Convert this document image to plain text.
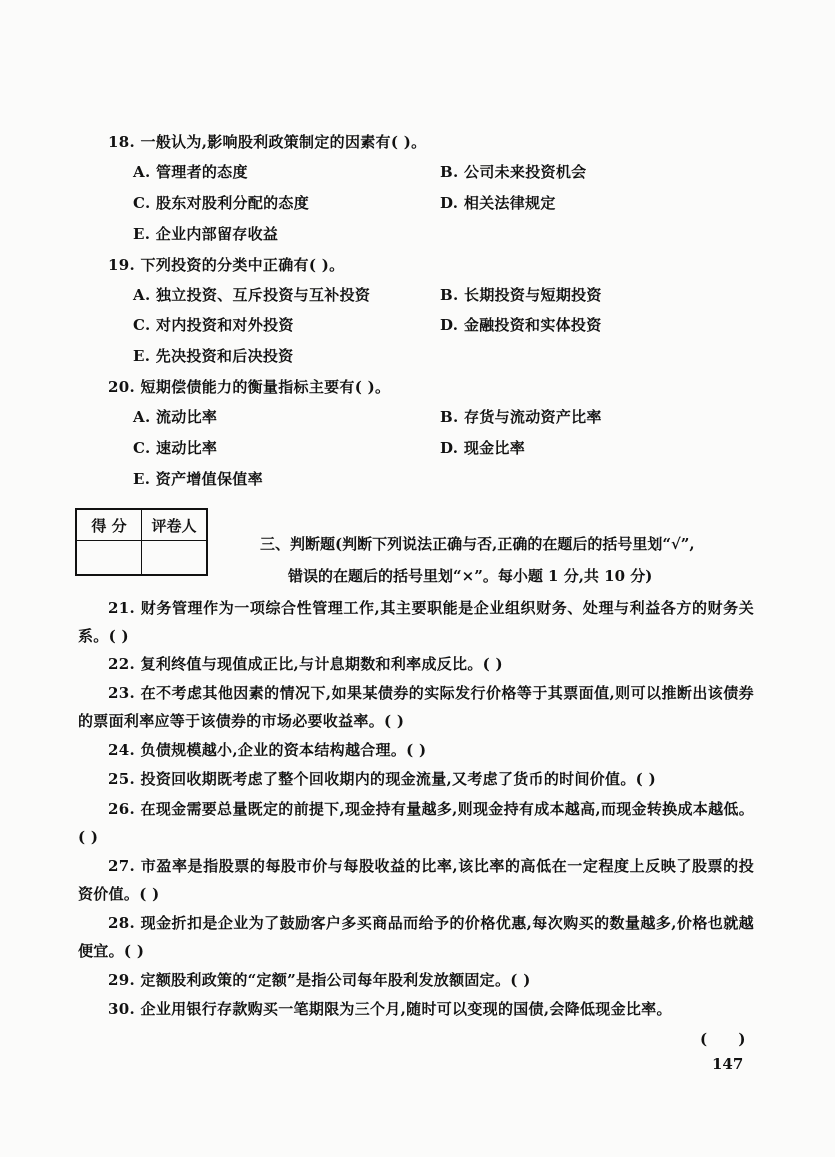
18. 一般认为,影响股利政策制定的因素有( )。
A. 管理者的态度	B. 公司未来投资机会
C. 股东对股利分配的态度	D. 相关法律规定
E. 企业内部留存收益
19. 下列投资的分类中正确有( )。
A. 独立投资、互斥投资与互补投资	B. 长期投资与短期投资
C. 对内投资和对外投资	D. 金融投资和实体投资
E. 先决投资和后决投资
20. 短期偿债能力的衡量指标主要有( )。
A. 流动比率	B. 存货与流动资产比率
C. 速动比率	D. 现金比率
E. 资产增值保值率
得 分	评卷人

三、判断题(判断下列说法正确与否,正确的在题后的括号里划“√”,
错误的在题后的括号里划“×”。每小题 1 分,共 10 分)
21. 财务管理作为一项综合性管理工作,其主要职能是企业组织财务、处理与利益各方的财务关系。( )
22. 复利终值与现值成正比,与计息期数和利率成反比。( )
23. 在不考虑其他因素的情况下,如果某债券的实际发行价格等于其票面值,则可以推断出该债券的票面利率应等于该债券的市场必要收益率。( )
24. 负债规模越小,企业的资本结构越合理。( )
25. 投资回收期既考虑了整个回收期内的现金流量,又考虑了货币的时间价值。( )
26. 在现金需要总量既定的前提下,现金持有量越多,则现金持有成本越高,而现金转换成本越低。( )
27. 市盈率是指股票的每股市价与每股收益的比率,该比率的高低在一定程度上反映了股票的投资价值。( )
28. 现金折扣是企业为了鼓励客户多买商品而给予的价格优惠,每次购买的数量越多,价格也就越便宜。( )
29. 定额股利政策的“定额”是指公司每年股利发放额固定。( )
30. 企业用银行存款购买一笔期限为三个月,随时可以变现的国债,会降低现金比率。
(      )
147
